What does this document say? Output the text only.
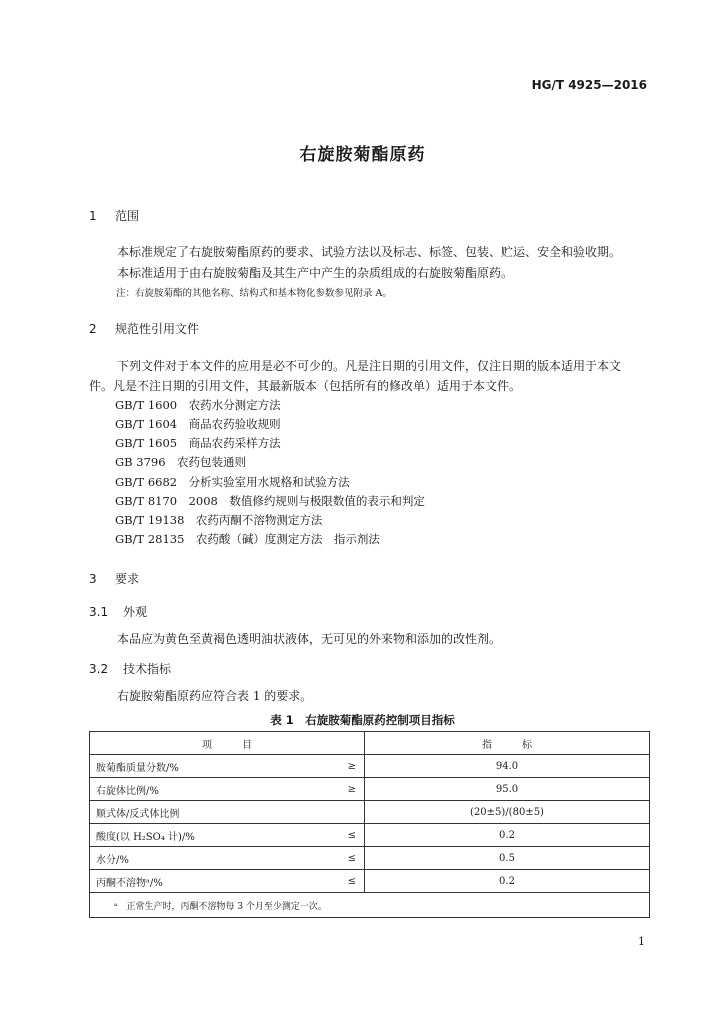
HG/T 4925—2016
右旋胺菊酯原药
1 范围
本标准规定了右旋胺菊酯原药的要求、试验方法以及标志、标签、包装、贮运、安全和验收期。
本标准适用于由右旋胺菊酯及其生产中产生的杂质组成的右旋胺菊酯原药。
注：右旋胺菊酯的其他名称、结构式和基本物化参数参见附录 A。
2 规范性引用文件
下列文件对于本文件的应用是必不可少的。凡是注日期的引用文件，仅注日期的版本适用于本文
件。凡是不注日期的引用文件，其最新版本（包括所有的修改单）适用于本文件。
GB/T 1600　农药水分测定方法
GB/T 1604　商品农药验收规则
GB/T 1605　商品农药采样方法
GB 3796　农药包装通则
GB/T 6682　分析实验室用水规格和试验方法
GB/T 8170　2008　数值修约规则与极限数值的表示和判定
GB/T 19138　农药丙酮不溶物测定方法
GB/T 28135　农药酸（碱）度测定方法　指示剂法
3 要求
3.1 外观
本品应为黄色至黄褐色透明油状液体，无可见的外来物和添加的改性剂。
3.2 技术指标
右旋胺菊酯原药应符合表 1 的要求。
表 1　右旋胺菊酯原药控制项目指标
项　　　目		指　　　标
胺菊酯质量分数/%	≥	94.0
右旋体比例/%	≥	95.0
顺式体/反式体比例		(20±5)/(80±5)
酸度(以 H₂SO₄ 计)/%	≤	0.2
水分/%	≤	0.5
丙酮不溶物ᵃ/%	≤	0.2
ᵃ　正常生产时，丙酮不溶物每 3 个月至少测定一次。		
1
